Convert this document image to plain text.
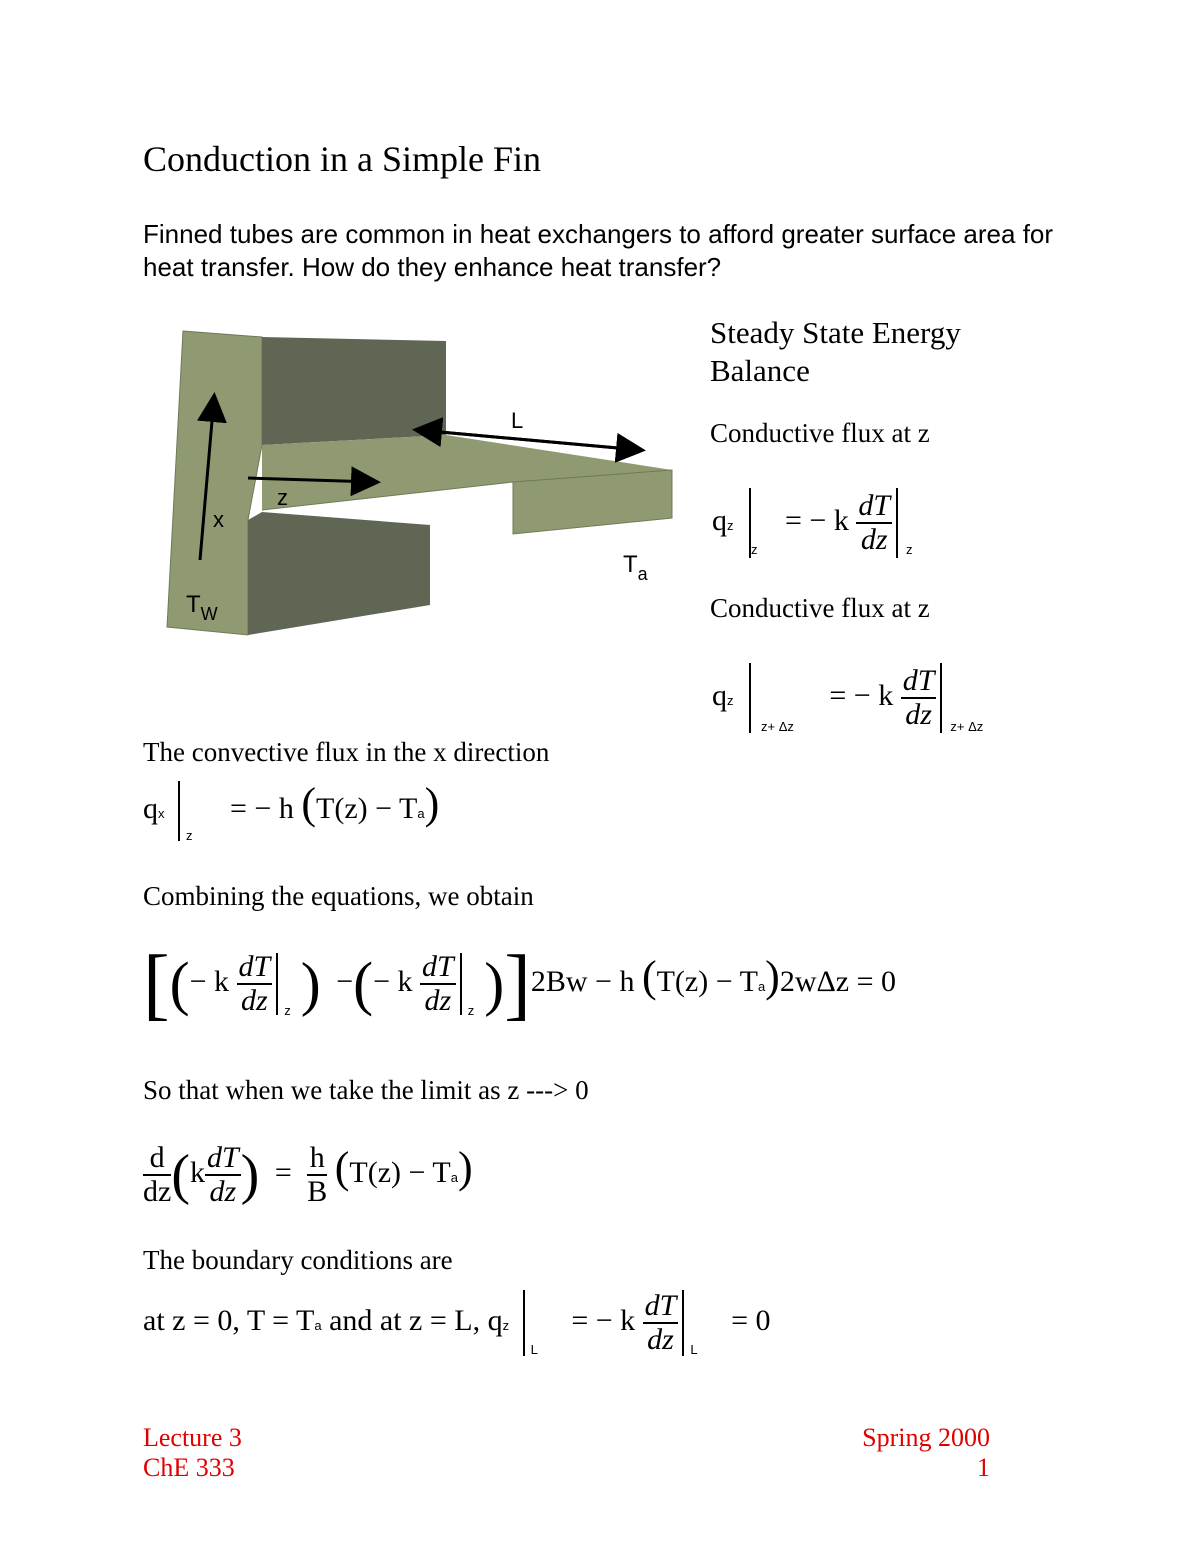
Conduction in a Simple Fin
Finned tubes are common in heat exchangers to afford greater surface area for heat transfer. How do they enhance heat transfer?
L
z
x
$T_a$
$T_W$
Steady State Energy Balance
Conductive flux at z
qz $_z$ = − k $\frac{dT}{dz} _z$
Conductive flux at z
qz $_{z+ \Delta z}$ = − k $\frac{dT}{dz} _{z+ \Delta z}$
The convective flux in the x direction
qx $_z$ = − h (T(z) − Ta)
Combining the equations, we obtain
[(− k $\frac{dT}{dz} _z$ ) −(− k $\frac{dT}{dz} _z$ )]2Bw − h (T(z) − Ta)2wΔz = 0
So that when we take the limit as z ---> 0
$\frac{d}{dz} (k \frac{dT}{dz}$ ) = $\frac{h}{B} (T(z) - Ta)$
The boundary conditions are
at z = 0, T = Ta and at z = L, qz $_L$ = − k $\frac{dT}{dz} _L = 0$
Lecture 3
ChE 333
Spring 2000
1
